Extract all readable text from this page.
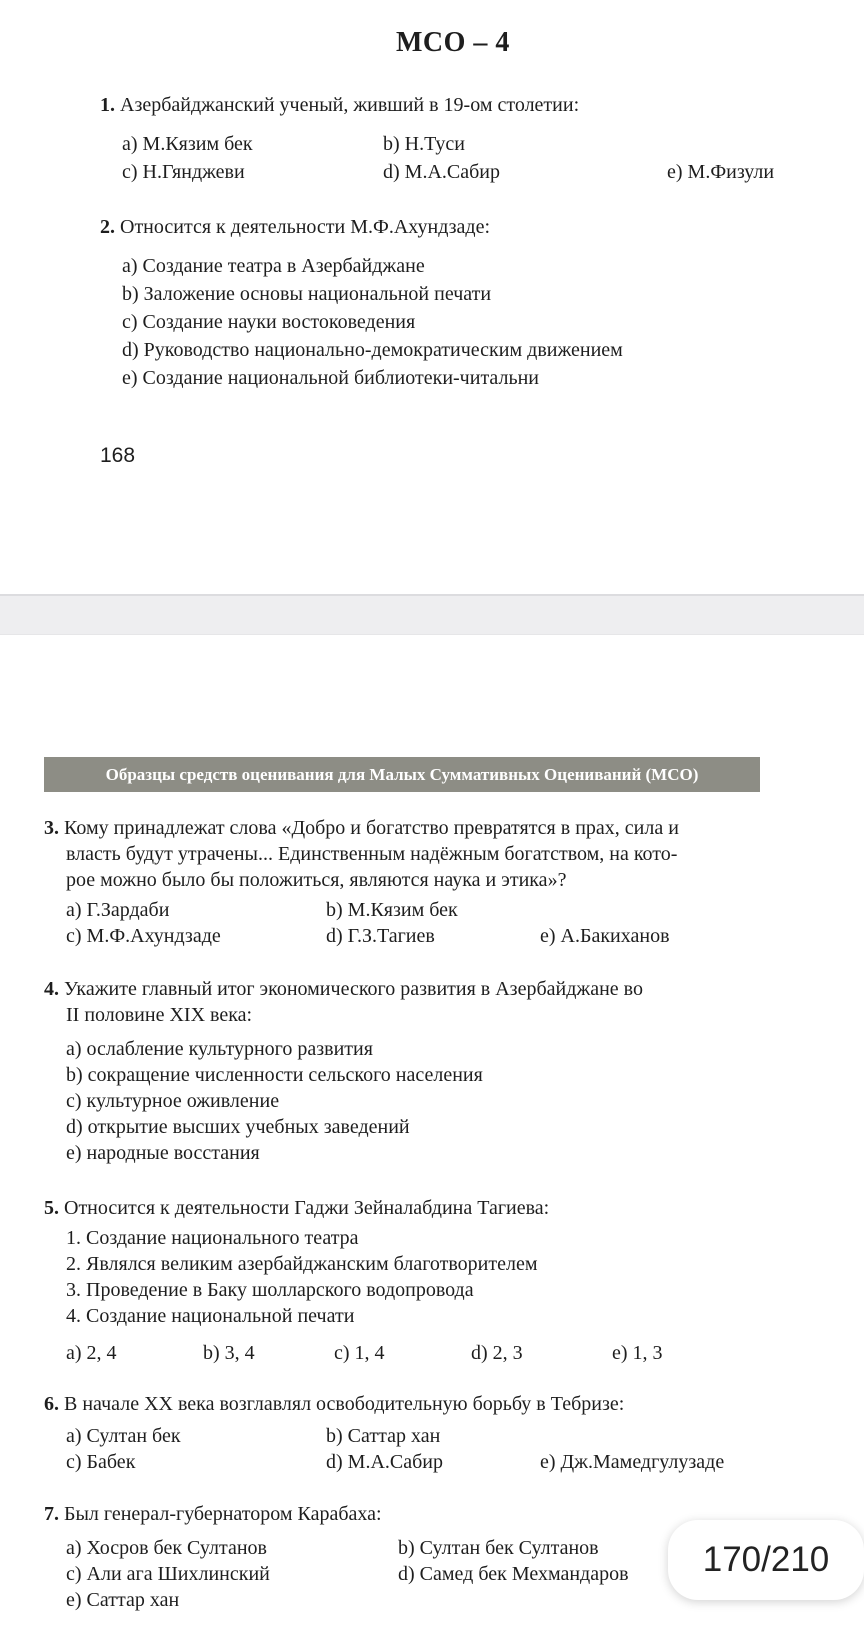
МСО – 4
1. Азербайджанский ученый, живший в 19-ом столетии:
a) М.Кязим бек	b) Н.Туси
c) Н.Гянджеви	d) М.А.Сабир	e) М.Физули
2. Относится к деятельности М.Ф.Ахундзаде:
a) Создание театра в Азербайджане
b) Заложение основы национальной печати
c) Создание науки востоковедения
d) Руководство национально-демократическим движением
e) Создание национальной библиотеки-читальни
168
Образцы средств оценивания для Малых Суммативных Оцениваний (МСО)
3. Кому принадлежат слова «Добро и богатство превратятся в прах, сила и
власть будут утрачены... Единственным надёжным богатством, на кото-
рое можно было бы положиться, являются наука и этика»?
a) Г.Зардаби	b) М.Кязим бек
c) М.Ф.Ахундзаде	d) Г.З.Тагиев	e) А.Бакиханов
4. Укажите главный итог экономического развития в Азербайджане во
II половине XIX века:
a) ослабление культурного развития
b) сокращение численности сельского населения
c) культурное оживление
d) открытие высших учебных заведений
e) народные восстания
5. Относится к деятельности Гаджи Зейналабдина Тагиева:
1. Создание национального театра
2. Являлся великим азербайджанским благотворителем
3. Проведение в Баку шолларского водопровода
4. Создание национальной печати
a) 2, 4	b) 3, 4	c) 1, 4	d) 2, 3	e) 1, 3
6. В начале XX века возглавлял освободительную борьбу в Тебризе:
a) Султан бек	b) Саттар хан
c) Бабек	d) М.А.Сабир	e) Дж.Мамедгулузаде
7. Был генерал-губернатором Карабаха:
a) Хосров бек Султанов	b) Султан бек Султанов
c) Али ага Шихлинский	d) Самед бек Мехмандаров
e) Саттар хан
170/210
